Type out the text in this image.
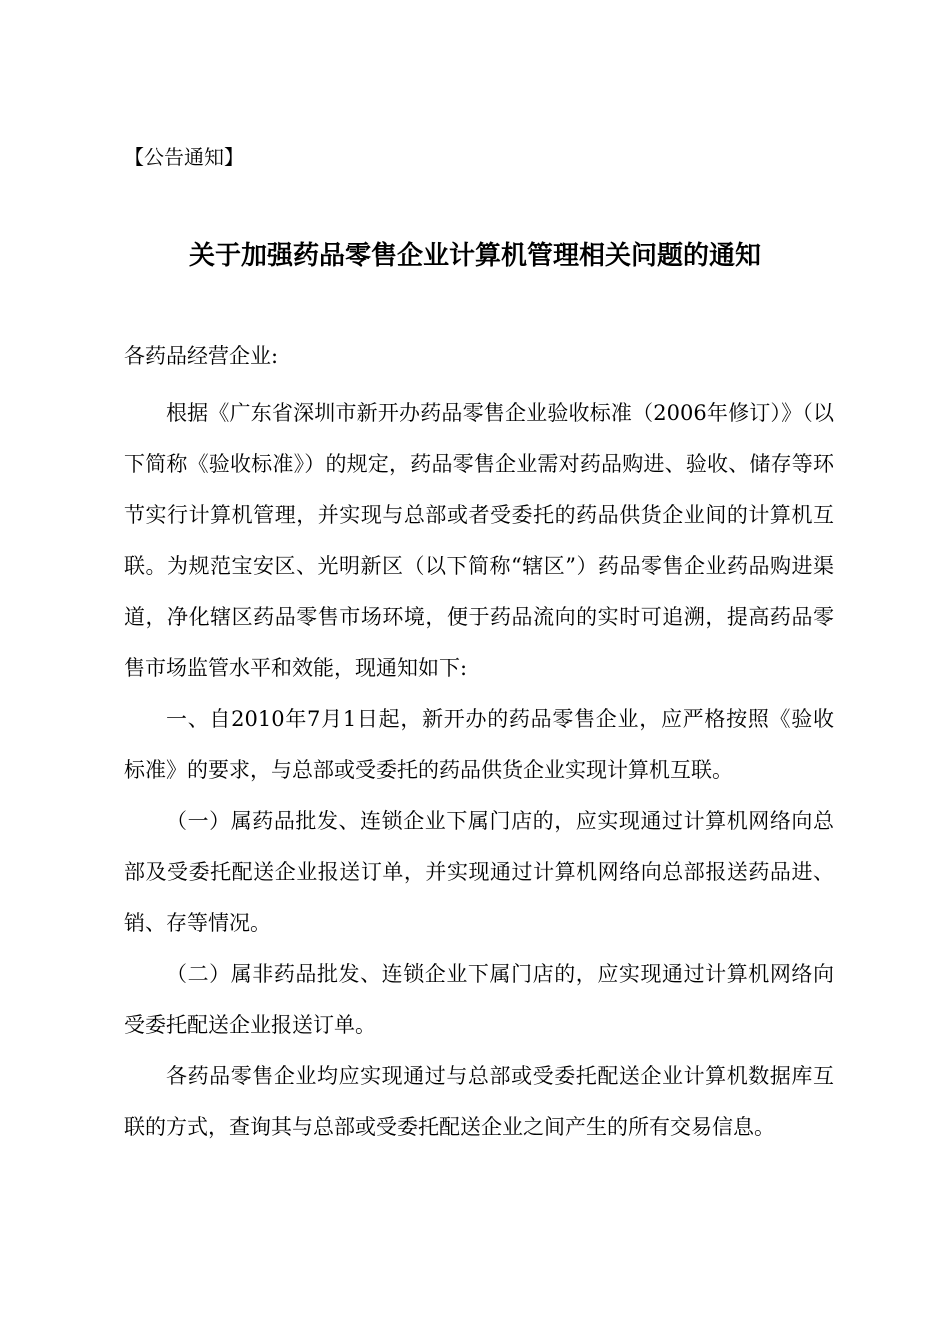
【公告通知】
关于加强药品零售企业计算机管理相关问题的通知
各药品经营企业:

根据《广东省深圳市新开办药品零售企业验收标准（2006年修订）》（以下简称《验收标准》）的规定，药品零售企业需对药品购进、验收、储存等环节实行计算机管理，并实现与总部或者受委托的药品供货企业间的计算机互联。为规范宝安区、光明新区（以下简称“辖区”）药品零售企业药品购进渠道，净化辖区药品零售市场环境，便于药品流向的实时可追溯，提高药品零售市场监管水平和效能，现通知如下:

一、自2010年7月1日起，新开办的药品零售企业，应严格按照《验收标准》的要求，与总部或受委托的药品供货企业实现计算机互联。

（一）属药品批发、连锁企业下属门店的，应实现通过计算机网络向总部及受委托配送企业报送订单，并实现通过计算机网络向总部报送药品进、销、存等情况。

（二）属非药品批发、连锁企业下属门店的，应实现通过计算机网络向受委托配送企业报送订单。

各药品零售企业均应实现通过与总部或受委托配送企业计算机数据库互联的方式，查询其与总部或受委托配送企业之间产生的所有交易信息。
